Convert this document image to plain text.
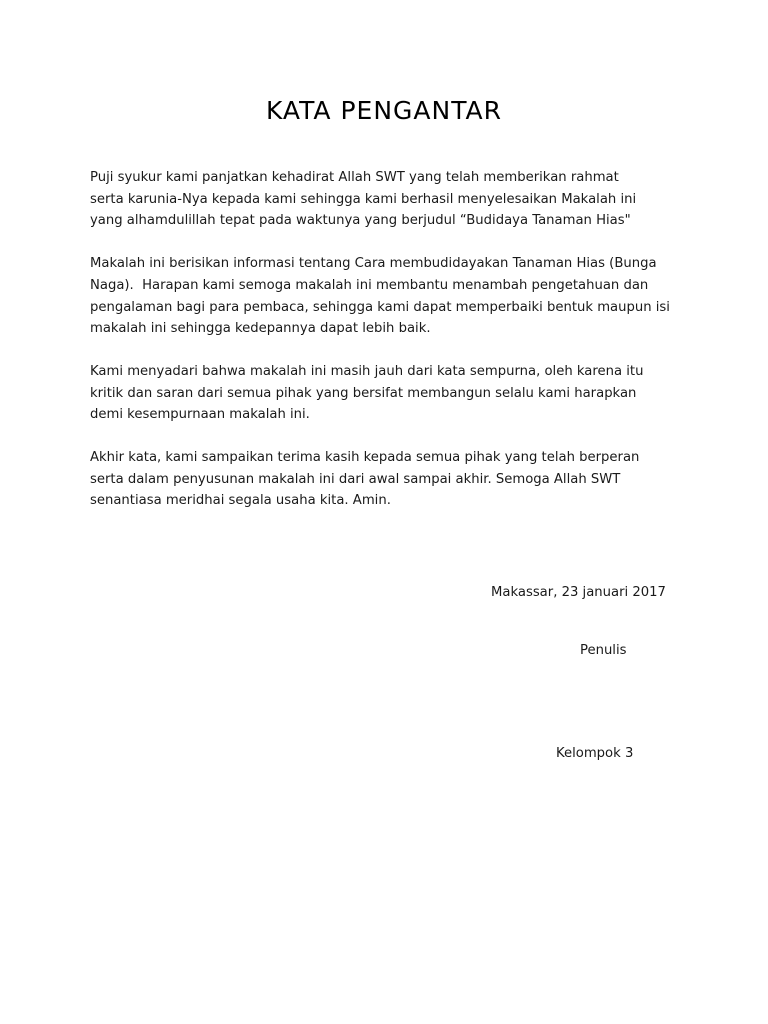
KATA PENGANTAR

Puji syukur kami panjatkan kehadirat Allah SWT yang telah memberikan rahmat
serta karunia-Nya kepada kami sehingga kami berhasil menyelesaikan Makalah ini
yang alhamdulillah tepat pada waktunya yang berjudul “Budidaya Tanaman Hias"

Makalah ini berisikan informasi tentang Cara membudidayakan Tanaman Hias (Bunga
Naga).  Harapan kami semoga makalah ini membantu menambah pengetahuan dan
pengalaman bagi para pembaca, sehingga kami dapat memperbaiki bentuk maupun isi
makalah ini sehingga kedepannya dapat lebih baik.

Kami menyadari bahwa makalah ini masih jauh dari kata sempurna, oleh karena itu
kritik dan saran dari semua pihak yang bersifat membangun selalu kami harapkan
demi kesempurnaan makalah ini.

Akhir kata, kami sampaikan terima kasih kepada semua pihak yang telah berperan
serta dalam penyusunan makalah ini dari awal sampai akhir. Semoga Allah SWT
senantiasa meridhai segala usaha kita. Amin.

Makassar, 23 januari 2017
Penulis
Kelompok 3
